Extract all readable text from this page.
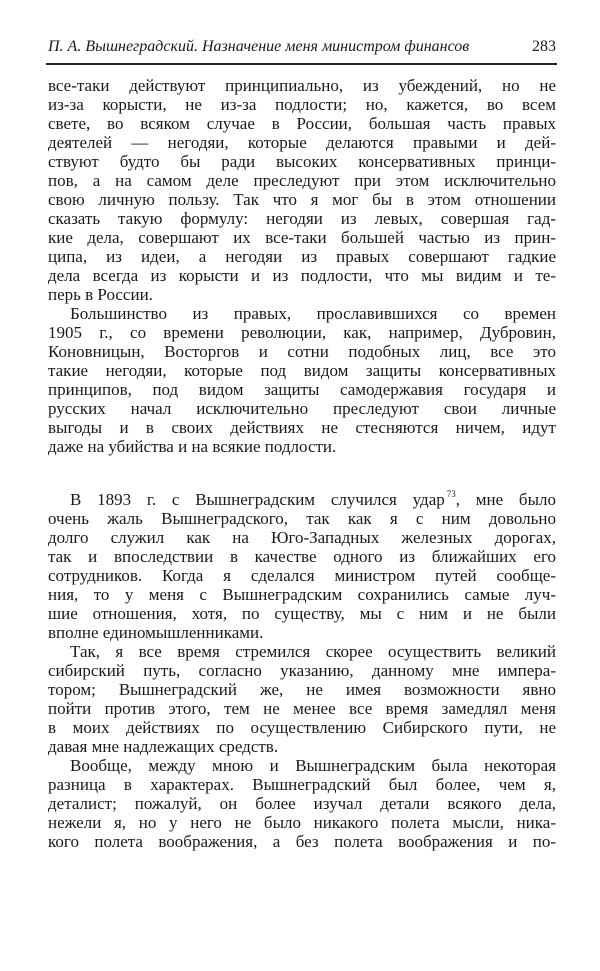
П. А. Вышнеградский. Назначение меня министром финансов	283
все-таки действуют принципиально, из убеждений, но не
из-за корысти, не из-за подлости; но, кажется, во всем
свете, во всяком случае в России, большая часть правых
деятелей — негодяи, которые делаются правыми и дей-
ствуют будто бы ради высоких консервативных принци-
пов, а на самом деле преследуют при этом исключительно
свою личную пользу. Так что я мог бы в этом отношении
сказать такую формулу: негодяи из левых, совершая гад-
кие дела, совершают их все-таки большей частью из прин-
ципа, из идеи, а негодяи из правых совершают гадкие
дела всегда из корысти и из подлости, что мы видим и те-
перь в России.
Большинство из правых, прославившихся со времен
1905 г., со времени революции, как, например, Дубровин,
Коновницын, Восторгов и сотни подобных лиц, все это
такие негодяи, которые под видом защиты консервативных
принципов, под видом защиты самодержавия государя и
русских начал исключительно преследуют свои личные
выгоды и в своих действиях не стесняются ничем, идут
даже на убийства и на всякие подлости.
В 1893 г. с Вышнеградским случился удар $^{73}$, мне было
очень жаль Вышнеградского, так как я с ним довольно
долго служил как на Юго-Западных железных дорогах,
так и впоследствии в качестве одного из ближайших его
сотрудников. Когда я сделался министром путей сообще-
ния, то у меня с Вышнеградским сохранились самые луч-
шие отношения, хотя, по существу, мы с ним и не были
вполне единомышленниками.
Так, я все время стремился скорее осуществить великий
сибирский путь, согласно указанию, данному мне импера-
тором; Вышнеградский же, не имея возможности явно
пойти против этого, тем не менее все время замедлял меня
в моих действиях по осуществлению Сибирского пути, не
давая мне надлежащих средств.
Вообще, между мною и Вышнеградским была некоторая
разница в характерах. Вышнеградский был более, чем я,
деталист; пожалуй, он более изучал детали всякого дела,
нежели я, но у него не было никакого полета мысли, ника-
кого полета воображения, а без полета воображения и по-
